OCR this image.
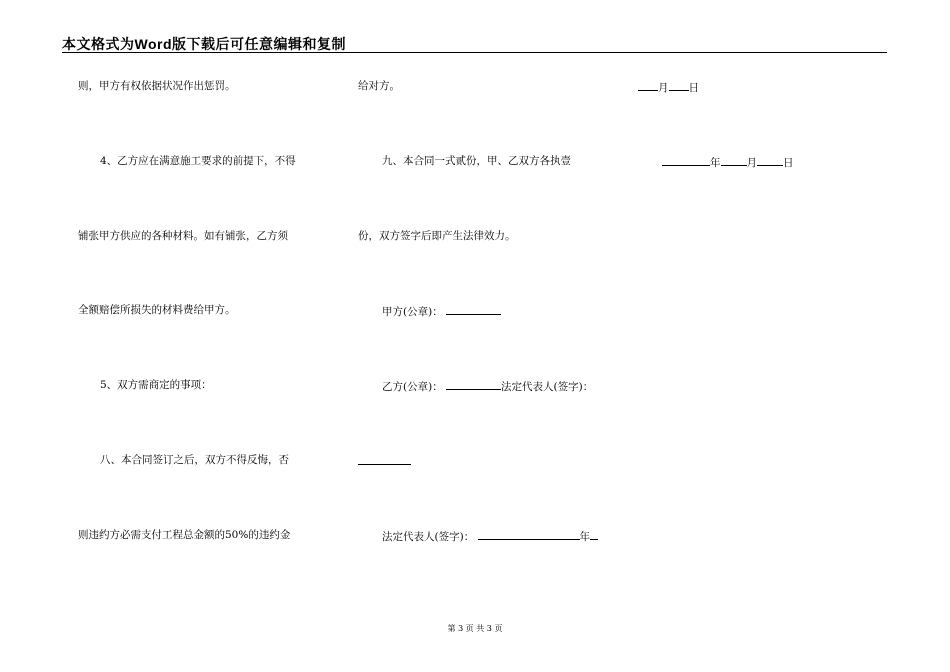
本文格式为Word版下载后可任意编辑和复制
则，甲方有权依据状况作出惩罚。
4、乙方应在满意施工要求的前提下，不得
铺张甲方供应的各种材料。如有铺张，乙方须
全额赔偿所损失的材料费给甲方。
5、双方需商定的事项：
八、本合同签订之后，双方不得反悔，否
则违约方必需支付工程总金额的50%的违约金
给对方。
九、本合同一式贰份，甲、乙双方各执壹
份，双方签字后即产生法律效力。
甲方(公章)：
乙方(公章)：	法定代表人(签字)：
法定代表人(签字)：	年
月 日
年 月 日
第 3 页 共 3 页
